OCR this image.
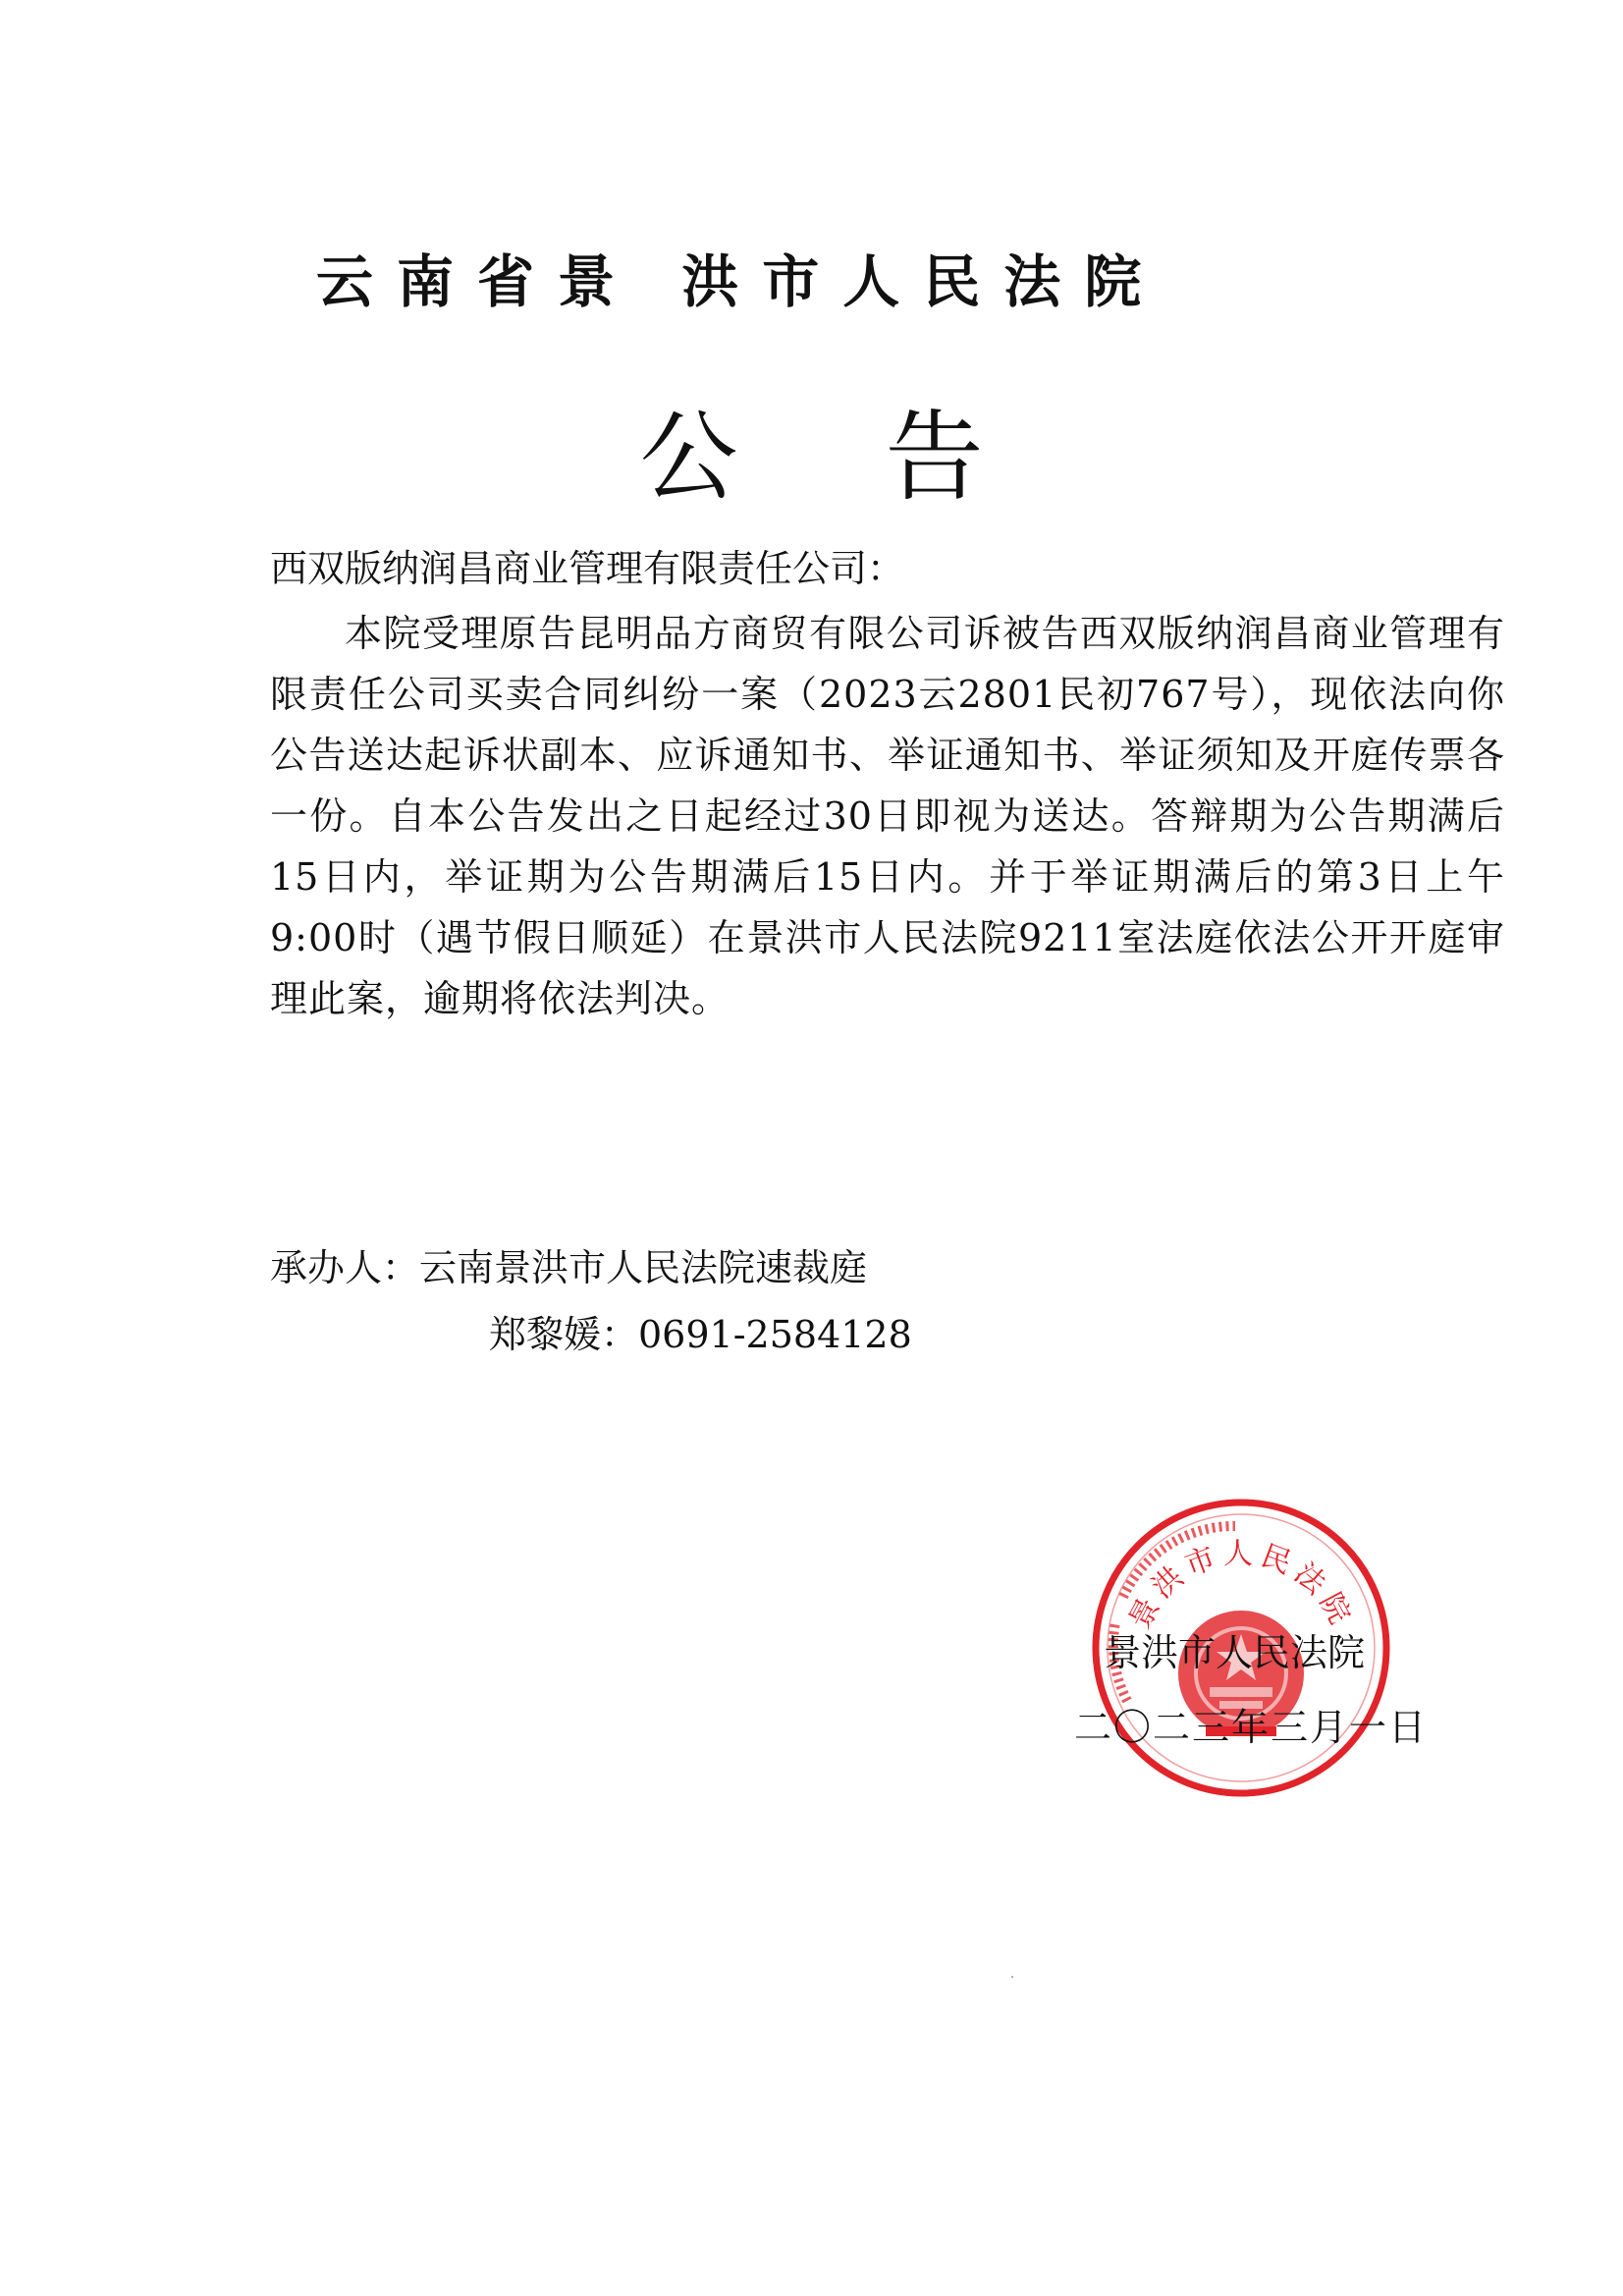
云南省景 洪市人民法院
公告
西双版纳润昌商业管理有限责任公司：
本院受理原告昆明品方商贸有限公司诉被告西双版纳润昌商业管理有限责任公司买卖合同纠纷一案（2023云2801民初767号），现依法向你公告送达起诉状副本、应诉通知书、举证通知书、举证须知及开庭传票各一份。自本公告发出之日起经过30日即视为送达。答辩期为公告期满后15日内，举证期为公告期满后15日内。并于举证期满后的第3日上午9:00时（遇节假日顺延）在景洪市人民法院9211室法庭依法公开开庭审理此案，逾期将依法判决。
承办人：云南景洪市人民法院速裁庭
郑黎媛：0691-2584128
景洪市人民法院
景洪市人民法院
二〇二三年三月一日
